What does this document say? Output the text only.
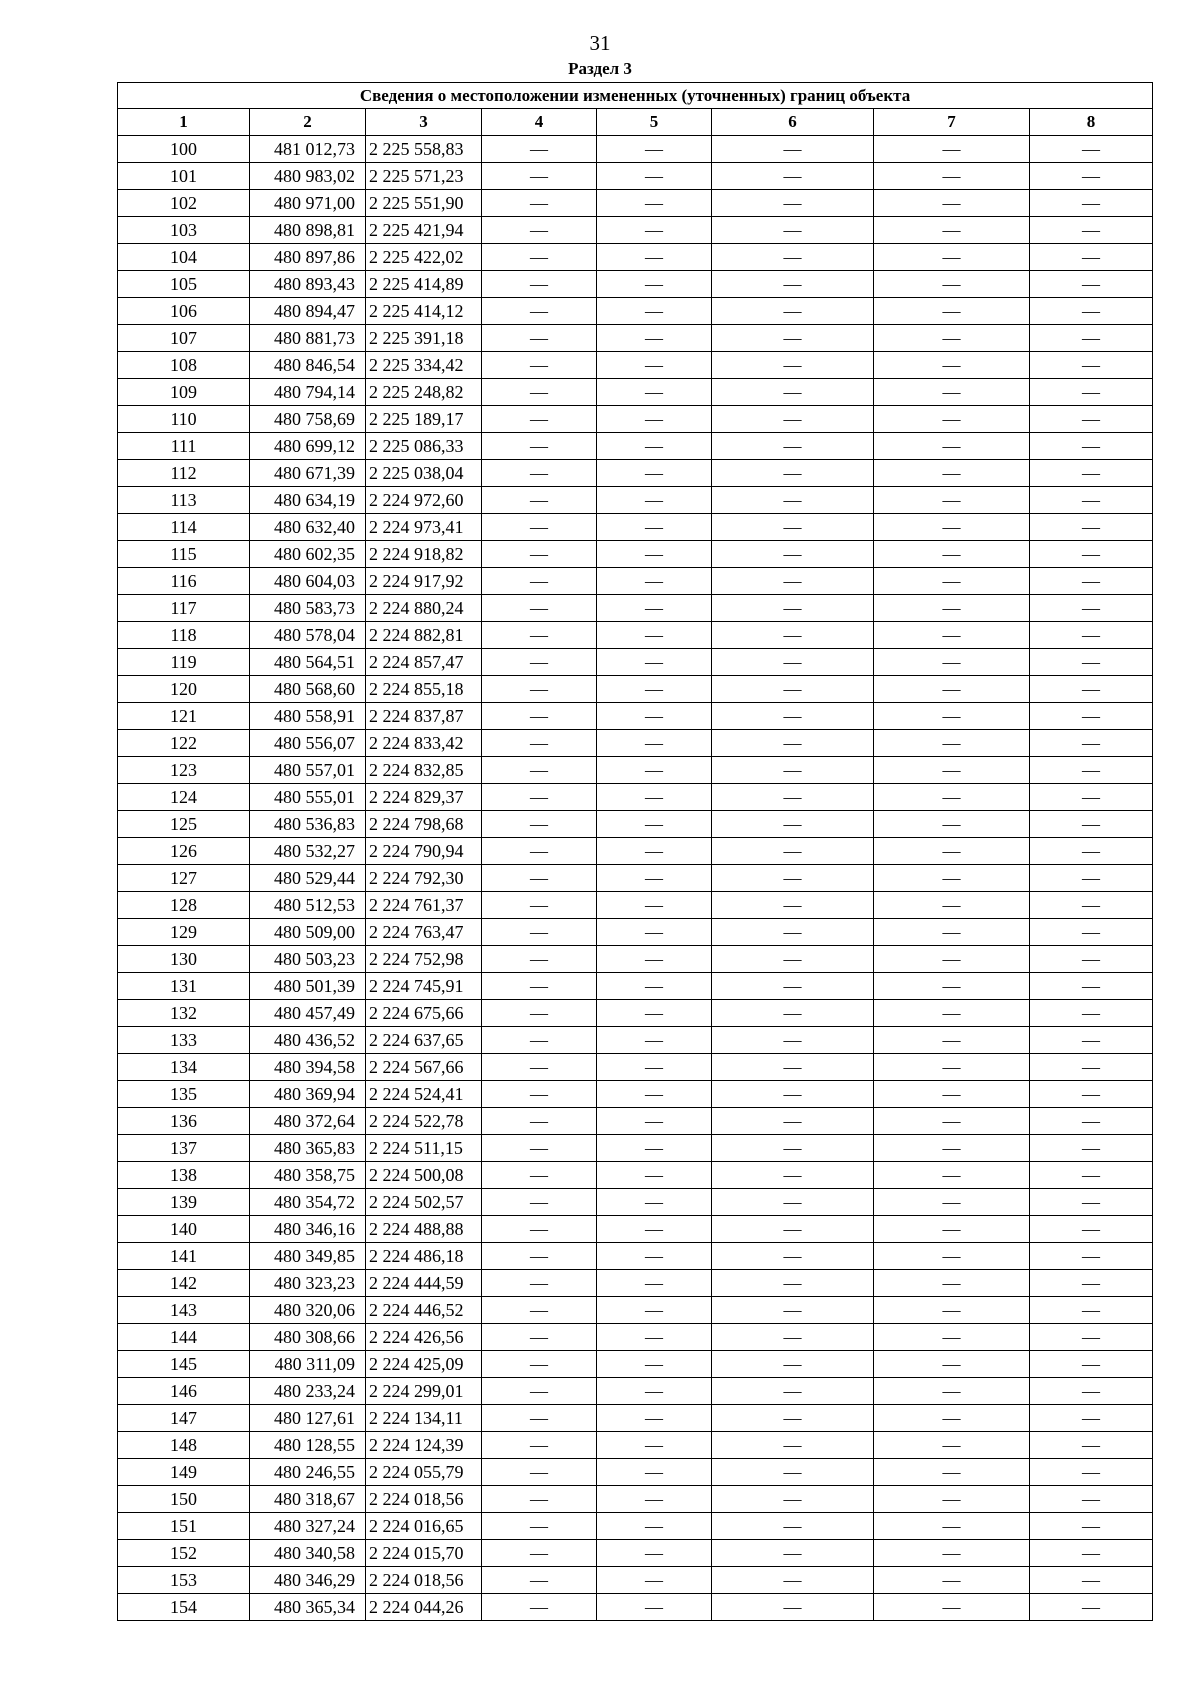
31
Раздел 3
Сведения о местоположении измененных (уточненных) границ объекта							
1	2	3	4	5	6	7	8
100	481 012,73	2 225 558,83	—	—	—	—	—
101	480 983,02	2 225 571,23	—	—	—	—	—
102	480 971,00	2 225 551,90	—	—	—	—	—
103	480 898,81	2 225 421,94	—	—	—	—	—
104	480 897,86	2 225 422,02	—	—	—	—	—
105	480 893,43	2 225 414,89	—	—	—	—	—
106	480 894,47	2 225 414,12	—	—	—	—	—
107	480 881,73	2 225 391,18	—	—	—	—	—
108	480 846,54	2 225 334,42	—	—	—	—	—
109	480 794,14	2 225 248,82	—	—	—	—	—
110	480 758,69	2 225 189,17	—	—	—	—	—
111	480 699,12	2 225 086,33	—	—	—	—	—
112	480 671,39	2 225 038,04	—	—	—	—	—
113	480 634,19	2 224 972,60	—	—	—	—	—
114	480 632,40	2 224 973,41	—	—	—	—	—
115	480 602,35	2 224 918,82	—	—	—	—	—
116	480 604,03	2 224 917,92	—	—	—	—	—
117	480 583,73	2 224 880,24	—	—	—	—	—
118	480 578,04	2 224 882,81	—	—	—	—	—
119	480 564,51	2 224 857,47	—	—	—	—	—
120	480 568,60	2 224 855,18	—	—	—	—	—
121	480 558,91	2 224 837,87	—	—	—	—	—
122	480 556,07	2 224 833,42	—	—	—	—	—
123	480 557,01	2 224 832,85	—	—	—	—	—
124	480 555,01	2 224 829,37	—	—	—	—	—
125	480 536,83	2 224 798,68	—	—	—	—	—
126	480 532,27	2 224 790,94	—	—	—	—	—
127	480 529,44	2 224 792,30	—	—	—	—	—
128	480 512,53	2 224 761,37	—	—	—	—	—
129	480 509,00	2 224 763,47	—	—	—	—	—
130	480 503,23	2 224 752,98	—	—	—	—	—
131	480 501,39	2 224 745,91	—	—	—	—	—
132	480 457,49	2 224 675,66	—	—	—	—	—
133	480 436,52	2 224 637,65	—	—	—	—	—
134	480 394,58	2 224 567,66	—	—	—	—	—
135	480 369,94	2 224 524,41	—	—	—	—	—
136	480 372,64	2 224 522,78	—	—	—	—	—
137	480 365,83	2 224 511,15	—	—	—	—	—
138	480 358,75	2 224 500,08	—	—	—	—	—
139	480 354,72	2 224 502,57	—	—	—	—	—
140	480 346,16	2 224 488,88	—	—	—	—	—
141	480 349,85	2 224 486,18	—	—	—	—	—
142	480 323,23	2 224 444,59	—	—	—	—	—
143	480 320,06	2 224 446,52	—	—	—	—	—
144	480 308,66	2 224 426,56	—	—	—	—	—
145	480 311,09	2 224 425,09	—	—	—	—	—
146	480 233,24	2 224 299,01	—	—	—	—	—
147	480 127,61	2 224 134,11	—	—	—	—	—
148	480 128,55	2 224 124,39	—	—	—	—	—
149	480 246,55	2 224 055,79	—	—	—	—	—
150	480 318,67	2 224 018,56	—	—	—	—	—
151	480 327,24	2 224 016,65	—	—	—	—	—
152	480 340,58	2 224 015,70	—	—	—	—	—
153	480 346,29	2 224 018,56	—	—	—	—	—
154	480 365,34	2 224 044,26	—	—	—	—	—
